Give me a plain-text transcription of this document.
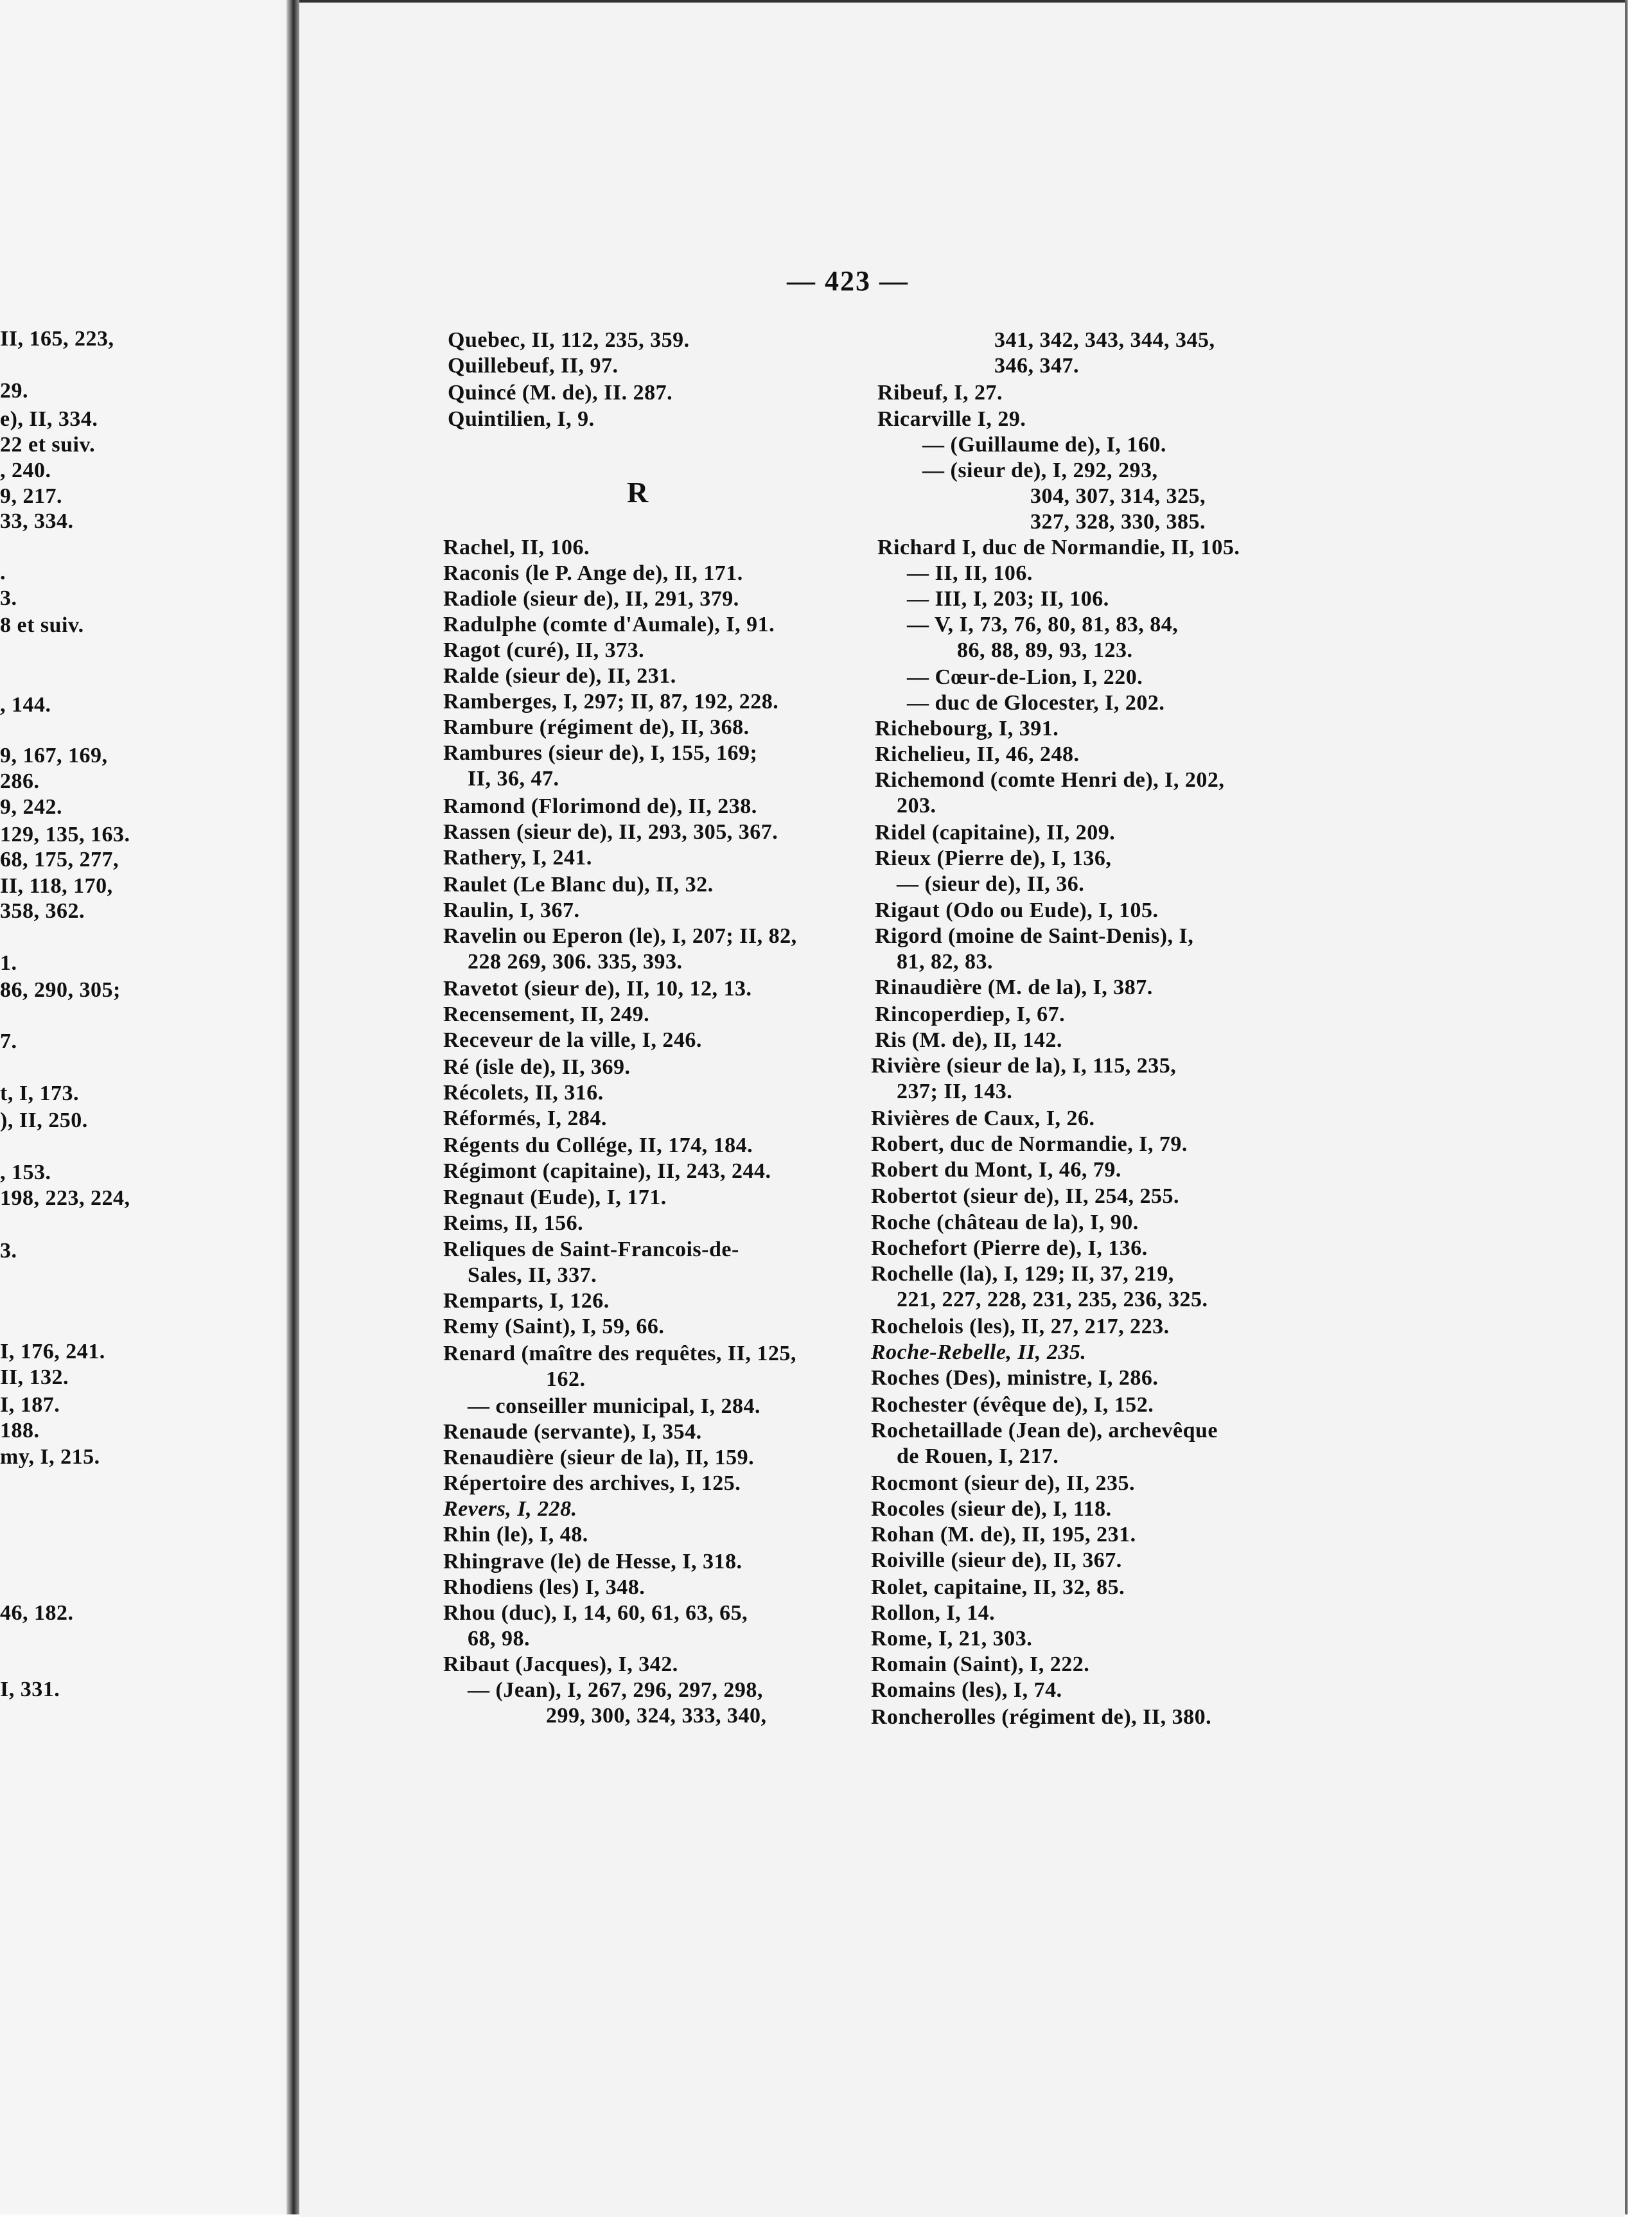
II, 165, 223,
29.
e), II, 334.
22 et suiv.
, 240.
9, 217.
33, 334.
.
3.
8 et suiv.
, 144.
9, 167, 169,
286.
9, 242.
129, 135, 163.
68, 175, 277,
II, 118, 170,
358, 362.
1.
86, 290, 305;
7.
t, I, 173.
), II, 250.
, 153.
198, 223, 224,
3.
I, 176, 241.
II, 132.
I, 187.
188.
my, I, 215.
46, 182.
I, 331.
— 423 —
Quebec, II, 112, 235, 359.
Quillebeuf, II, 97.
Quincé (M. de), II. 287.
Quintilien, I, 9.
R
Rachel, II, 106.
Raconis (le P. Ange de), II, 171.
Radiole (sieur de), II, 291, 379.
Radulphe (comte d'Aumale), I, 91.
Ragot (curé), II, 373.
Ralde (sieur de), II, 231.
Ramberges, I, 297; II, 87, 192, 228.
Rambure (régiment de), II, 368.
Rambures (sieur de), I, 155, 169;
II, 36, 47.
Ramond (Florimond de), II, 238.
Rassen (sieur de), II, 293, 305, 367.
Rathery, I, 241.
Raulet (Le Blanc du), II, 32.
Raulin, I, 367.
Ravelin ou Eperon (le), I, 207; II, 82,
228 269, 306. 335, 393.
Ravetot (sieur de), II, 10, 12, 13.
Recensement, II, 249.
Receveur de la ville, I, 246.
Ré (isle de), II, 369.
Récolets, II, 316.
Réformés, I, 284.
Régents du Collége, II, 174, 184.
Régimont (capitaine), II, 243, 244.
Regnaut (Eude), I, 171.
Reims, II, 156.
Reliques de Saint-Francois-de-
Sales, II, 337.
Remparts, I, 126.
Remy (Saint), I, 59, 66.
Renard (maître des requêtes, II, 125,
162.
— conseiller municipal, I, 284.
Renaude (servante), I, 354.
Renaudière (sieur de la), II, 159.
Répertoire des archives, I, 125.
Revers, I, 228.
Rhin (le), I, 48.
Rhingrave (le) de Hesse, I, 318.
Rhodiens (les) I, 348.
Rhou (duc), I, 14, 60, 61, 63, 65,
68, 98.
Ribaut (Jacques), I, 342.
— (Jean), I, 267, 296, 297, 298,
299, 300, 324, 333, 340,
341, 342, 343, 344, 345,
346, 347.
Ribeuf, I, 27.
Ricarville I, 29.
— (Guillaume de), I, 160.
— (sieur de), I, 292, 293,
304, 307, 314, 325,
327, 328, 330, 385.
Richard I, duc de Normandie, II, 105.
— II, II, 106.
— III, I, 203; II, 106.
— V, I, 73, 76, 80, 81, 83, 84,
86, 88, 89, 93, 123.
— Cœur-de-Lion, I, 220.
— duc de Glocester, I, 202.
Richebourg, I, 391.
Richelieu, II, 46, 248.
Richemond (comte Henri de), I, 202,
203.
Ridel (capitaine), II, 209.
Rieux (Pierre de), I, 136,
— (sieur de), II, 36.
Rigaut (Odo ou Eude), I, 105.
Rigord (moine de Saint-Denis), I,
81, 82, 83.
Rinaudière (M. de la), I, 387.
Rincoperdiep, I, 67.
Ris (M. de), II, 142.
Rivière (sieur de la), I, 115, 235,
237; II, 143.
Rivières de Caux, I, 26.
Robert, duc de Normandie, I, 79.
Robert du Mont, I, 46, 79.
Robertot (sieur de), II, 254, 255.
Roche (château de la), I, 90.
Rochefort (Pierre de), I, 136.
Rochelle (la), I, 129; II, 37, 219,
221, 227, 228, 231, 235, 236, 325.
Rochelois (les), II, 27, 217, 223.
Roche-Rebelle, II, 235.
Roches (Des), ministre, I, 286.
Rochester (évêque de), I, 152.
Rochetaillade (Jean de), archevêque
de Rouen, I, 217.
Rocmont (sieur de), II, 235.
Rocoles (sieur de), I, 118.
Rohan (M. de), II, 195, 231.
Roiville (sieur de), II, 367.
Rolet, capitaine, II, 32, 85.
Rollon, I, 14.
Rome, I, 21, 303.
Romain (Saint), I, 222.
Romains (les), I, 74.
Roncherolles (régiment de), II, 380.
